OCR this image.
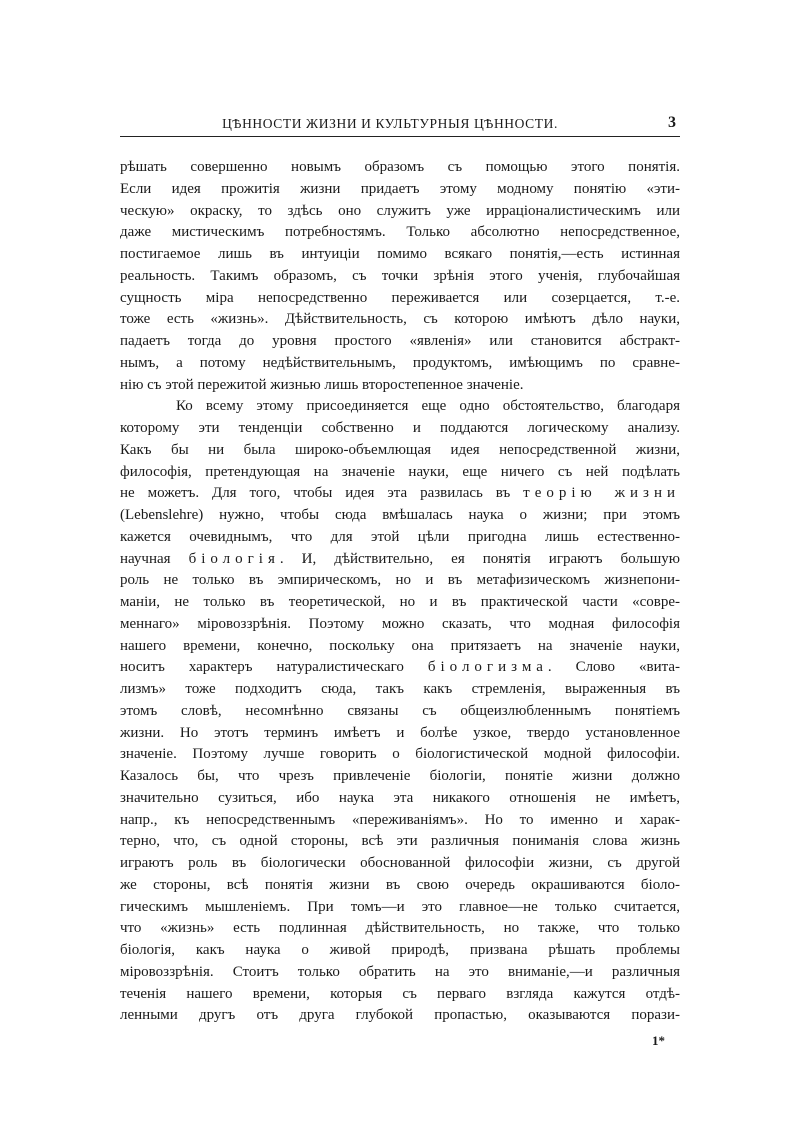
ЦѢННОСТИ ЖИЗНИ И КУЛЬТУРНЫЯ ЦѢННОСТИ.	3
рѣшать совершенно новымъ образомъ съ помощью этого понятія.
Если идея прожитія жизни придаетъ этому модному понятію «эти-
ческую» окраску, то здѣсь оно служитъ уже ирраціоналистическимъ или
даже мистическимъ потребностямъ. Только абсолютно непосредственное,
постигаемое лишь въ интуиціи помимо всякаго понятія,—есть истинная
реальность. Такимъ образомъ, съ точки зрѣнія этого ученія, глубочайшая
сущность міра непосредственно переживается или созерцается, т.-е.
тоже есть «жизнь». Дѣйствительность, съ которою имѣютъ дѣло науки,
падаетъ тогда до уровня простого «явленія» или становится абстракт-
нымъ, а потому недѣйствительнымъ, продуктомъ, имѣющимъ по сравне-
нію съ этой пережитой жизнью лишь второстепенное значеніе.
Ко всему этому присоединяется еще одно обстоятельство, благодаря
которому эти тенденціи собственно и поддаются логическому анализу.
Какъ бы ни была широко-объемлющая идея непосредственной жизни,
философія, претендующая на значеніе науки, еще ничего съ ней подѣлать
не можетъ. Для того, чтобы идея эта развилась въ теорію жизни
(Lebenslehre) нужно, чтобы сюда вмѣшалась наука о жизни; при этомъ
кажется очевиднымъ, что для этой цѣли пригодна лишь естественно-
научная біологія. И, дѣйствительно, ея понятія играютъ большую
роль не только въ эмпирическомъ, но и въ метафизическомъ жизнепони-
маніи, не только въ теоретической, но и въ практической части «совре-
меннаго» міровоззрѣнія. Поэтому можно сказать, что модная философія
нашего времени, конечно, поскольку она притязаетъ на значеніе науки,
носитъ характеръ натуралистическаго біологизма. Слово «вита-
лизмъ» тоже подходитъ сюда, такъ какъ стремленія, выраженныя въ
этомъ словѣ, несомнѣнно связаны съ общеизлюбленнымъ понятіемъ
жизни. Но этотъ терминъ имѣетъ и болѣе узкое, твердо установленное
значеніе. Поэтому лучше говорить о біологистической модной философіи.
Казалось бы, что чрезъ привлеченіе біологіи, понятіе жизни должно
значительно сузиться, ибо наука эта никакого отношенія не имѣетъ,
напр., къ непосредственнымъ «переживаніямъ». Но то именно и харак-
терно, что, съ одной стороны, всѣ эти различныя пониманія слова жизнь
играютъ роль въ біологически обоснованной философіи жизни, съ другой
же стороны, всѣ понятія жизни въ свою очередь окрашиваются біоло-
гическимъ мышленіемъ. При томъ—и это главное—не только считается,
что «жизнь» есть подлинная дѣйствительность, но также, что только
біологія, какъ наука о живой природѣ, призвана рѣшать проблемы
міровоззрѣнія. Стоитъ только обратить на это вниманіе,—и различныя
теченія нашего времени, которыя съ перваго взгляда кажутся отдѣ-
ленными другъ отъ друга глубокой пропастью, оказываются порази-
1*
